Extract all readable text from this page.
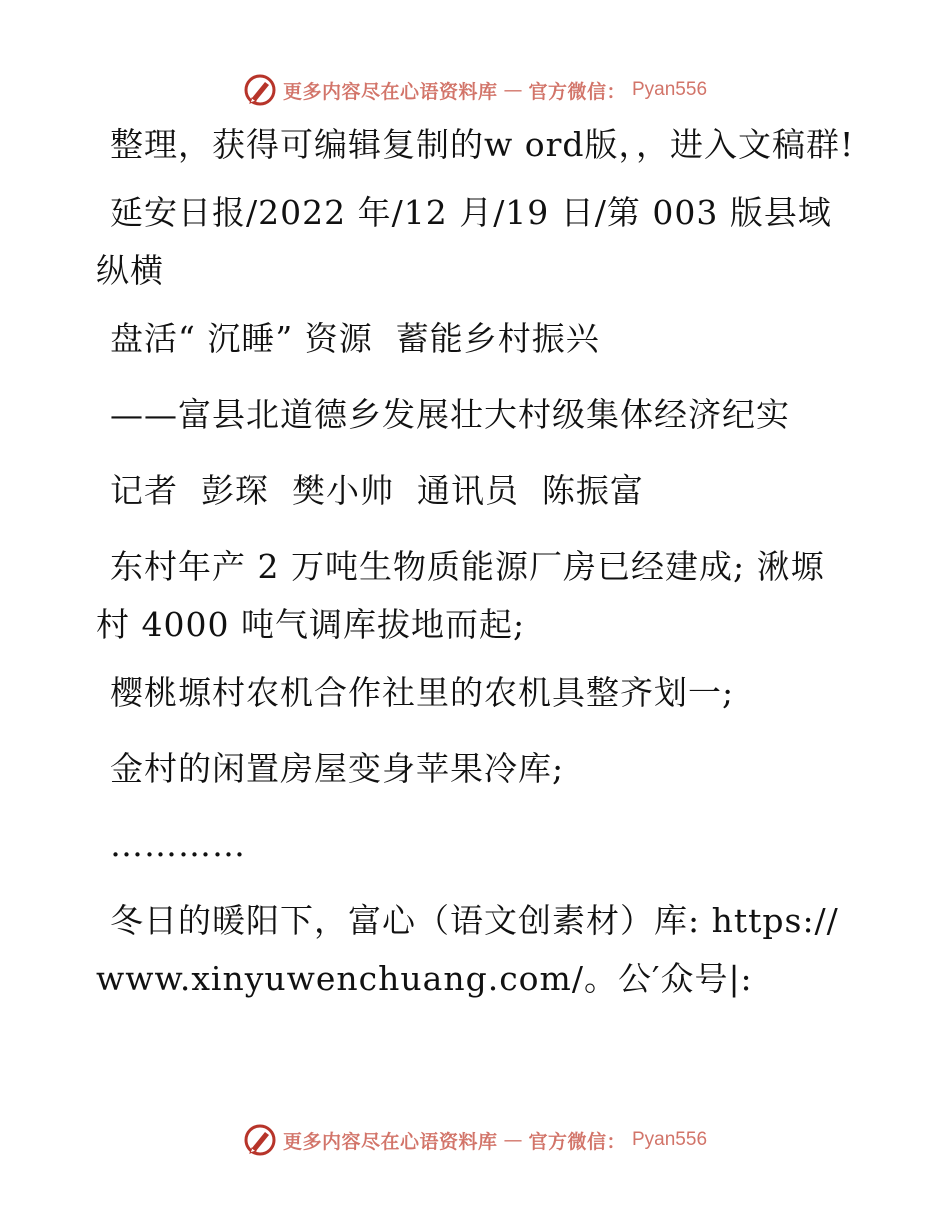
更多内容尽在心语资料库 — 官方微信： Pyan556

整理，获得可编辑复制的w ord版，，进入文稿群!

延安日报/2022 年/12 月/19 日/第 003 版县域纵横

盘活“ 沉睡” 资源  蓄能乡村振兴

——富县北道德乡发展壮大村级集体经济纪实

记者  彭琛  樊小帅  通讯员  陈振富

东村年产 2 万吨生物质能源厂房已经建成; 湫塬村 4000 吨气调库拔地而起;

樱桃塬村农机合作社里的农机具整齐划一;

金村的闲置房屋变身苹果冷库;

…………

冬日的暖阳下，富心（语文创素材）库: https://www.xinyuwenchuang.com/。公′众号|:

更多内容尽在心语资料库 — 官方微信： Pyan556
